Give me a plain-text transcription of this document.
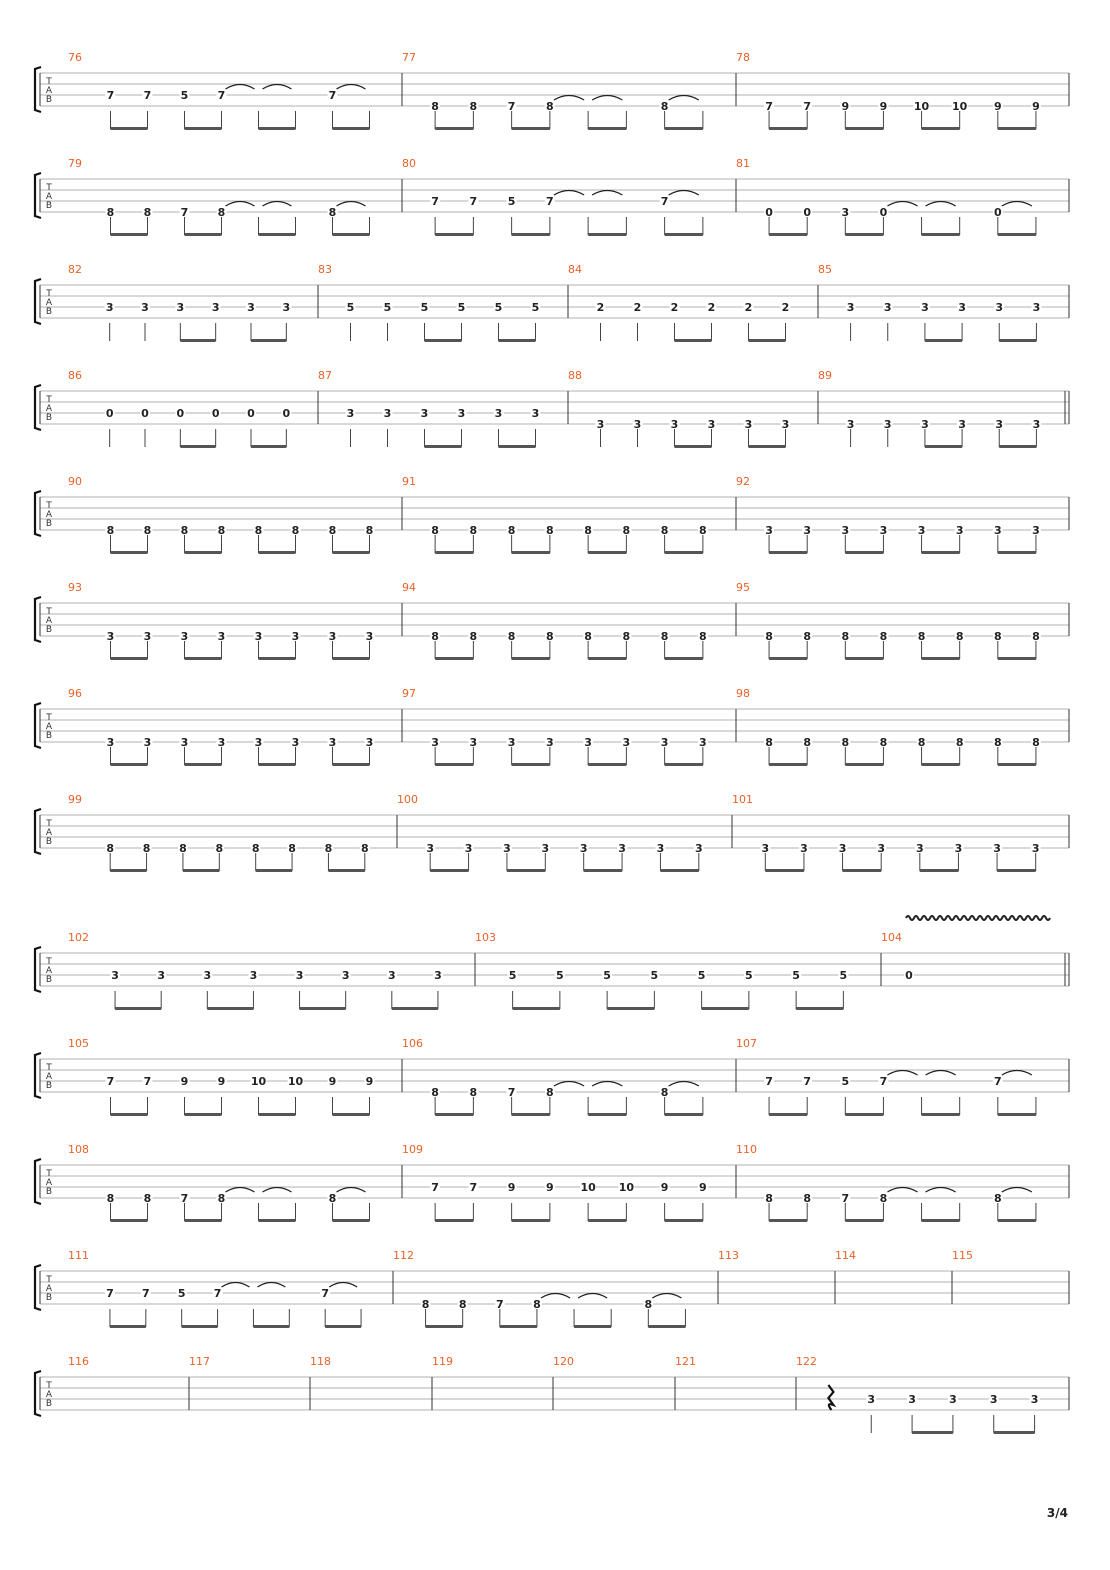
T
A
B
76
7	7	5	7	7
77
8	8	7	8	8
78
7	7	9	9 10 10 9	9
T
A
B
79
8	8	7	8	8
80
7	7	5	7	7
81
0	0	3	0	0
T
A
B
82
3	3	3	3	3	3
83
5	5	5	5	5	5
84
2	2	2	2	2	2
85
3	3	3	3	3	3
T
A
B
86
0	0	0	0	0	0
87
3	3	3	3	3	3
88
3	3	3	3	3	3
89
3	3	3	3	3	3
T
A
B
90
8	8	8	8	8	8	8	8
91
8	8	8	8	8	8	8	8
92
3	3	3	3	3	3	3	3
T
A
B
93
3	3	3	3	3	3	3	3
94
8	8	8	8	8	8	8	8
95
8	8	8	8	8	8	8	8
T
A
B
96
3	3	3	3	3	3	3	3
97
3	3	3	3	3	3	3	3
98
8	8	8	8	8	8	8	8
T
A
B
99
8	8	8	8	8	8	8	8
100
3	3	3	3	3	3	3	3
101
3	3	3	3	3	3	3	3
T
A
B
102
3	3	3	3	3	3	3	3
103
5	5	5	5	5	5	5	5
104
0
T
A
B
105
7	7	9	9 10 10 9	9
106
8	8	7	8	8
107
7	7	5	7	7
T
A
B
108
8	8	7	8	8
109
7	7	9	9 10 10 9	9
110
8	8	7	8	8
T
A
B
111
7	7	5	7	7
112
8	8	7	8	8
113	114	115
T
A
B
116	117	118	119	120	121	122
3	3	3	3	3
3/4
